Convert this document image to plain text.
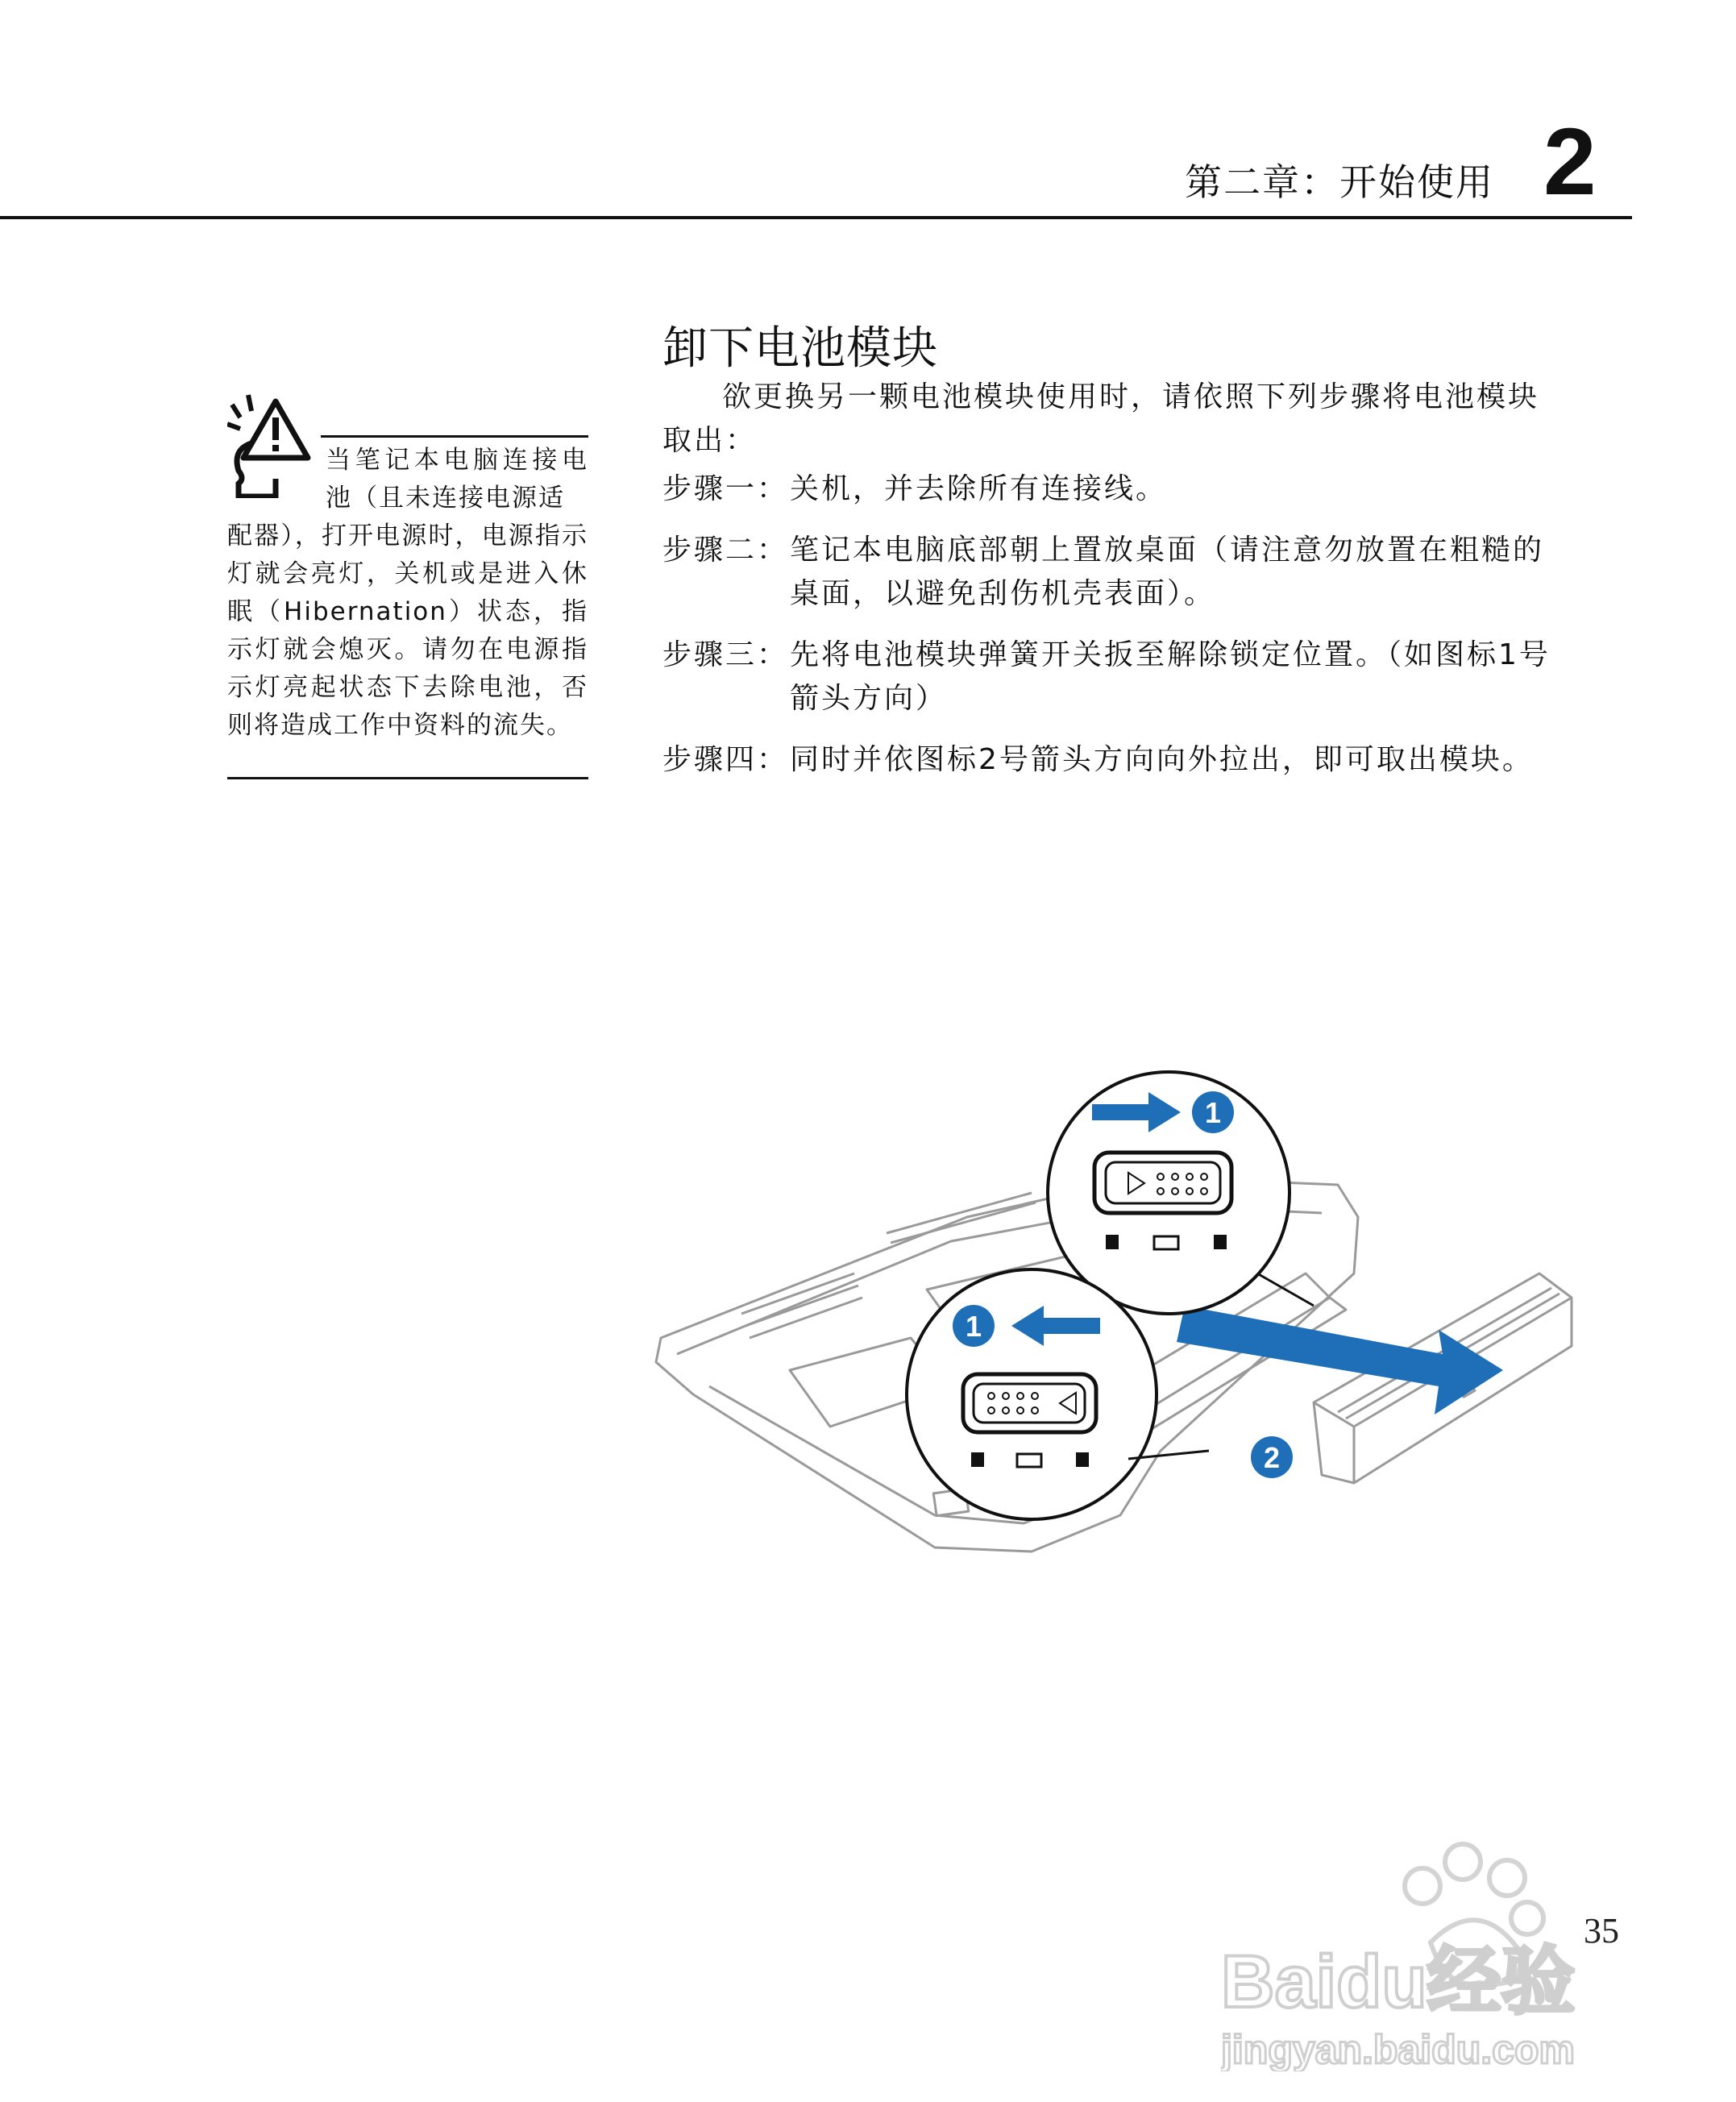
第二章：开始使用 2
卸下电池模块
欲更换另一颗电池模块使用时，请依照下列步骤将电池模块取出：
步骤一： 关机，并去除所有连接线。
步骤二： 笔记本电脑底部朝上置放桌面（请注意勿放置在粗糙的桌面，以避免刮伤机壳表面）。
步骤三： 先将电池模块弹簧开关扳至解除锁定位置。（如图标1号箭头方向）
步骤四： 同时并依图标2号箭头方向向外拉出，即可取出模块。
当笔记本电脑连接电池（且未连接电源适
配器），打开电源时，电源指示灯就会亮灯，关机或是进入休眠（Hibernation）状态，指示灯就会熄灭。请勿在电源指示灯亮起状态下去除电池，否则将造成工作中资料的流失。
1
1
2
Baidu经验
jingyan.baidu.com
35
